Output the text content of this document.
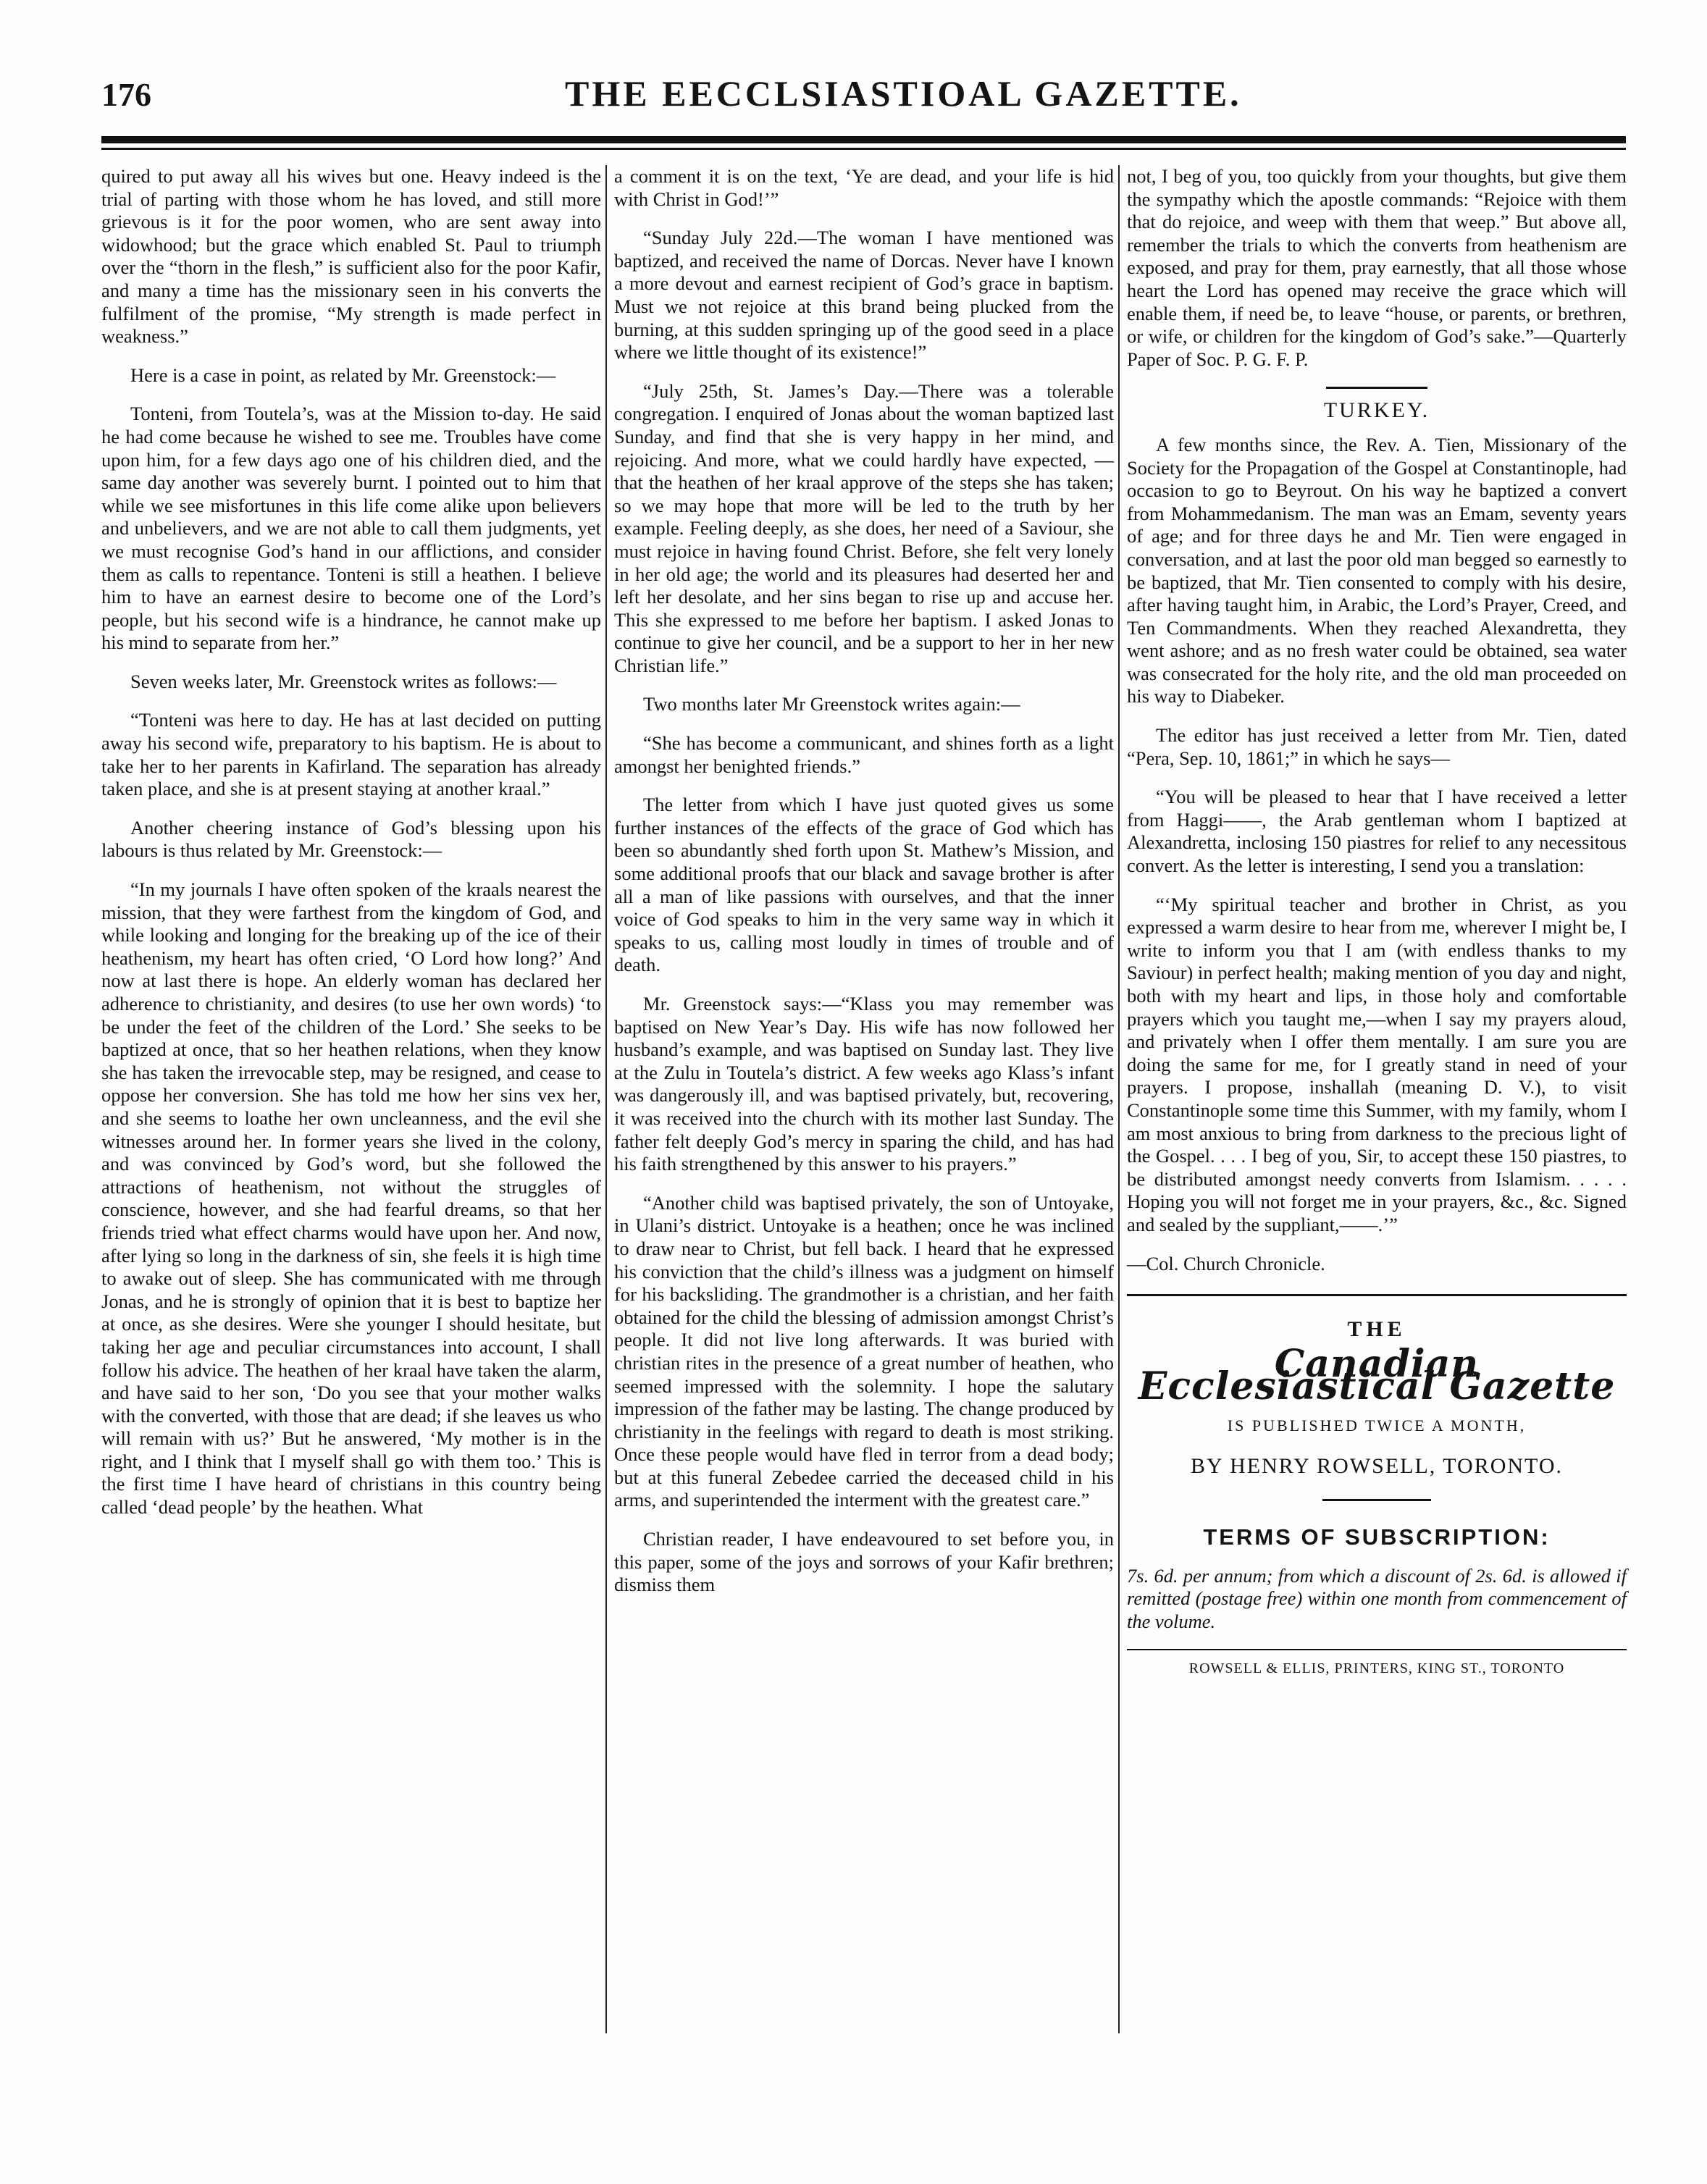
176	THE EECCLSIASTIOAL GAZETTE.

quired to put away all his wives but one. Heavy indeed is the trial of parting with those whom he has loved, and still more grievous is it for the poor women, who are sent away into widowhood; but the grace which enabled St. Paul to triumph over the “thorn in the flesh,” is sufficient also for the poor Kafir, and many a time has the missionary seen in his converts the fulfilment of the promise, “My strength is made perfect in weakness.”

Here is a case in point, as related by Mr. Greenstock:—

Tonteni, from Toutela’s, was at the Mission to-day. He said he had come because he wished to see me. Troubles have come upon him, for a few days ago one of his children died, and the same day another was severely burnt. I pointed out to him that while we see misfortunes in this life come alike upon believers and unbelievers, and we are not able to call them judgments, yet we must recognise God’s hand in our afflictions, and consider them as calls to repentance. Tonteni is still a heathen. I believe him to have an earnest desire to become one of the Lord’s people, but his second wife is a hindrance, he cannot make up his mind to separate from her.”

Seven weeks later, Mr. Greenstock writes as follows:—

“Tonteni was here to day. He has at last decided on putting away his second wife, preparatory to his baptism. He is about to take her to her parents in Kafirland. The separation has already taken place, and she is at present staying at another kraal.”

Another cheering instance of God’s blessing upon his labours is thus related by Mr. Greenstock:—

“In my journals I have often spoken of the kraals nearest the mission, that they were farthest from the kingdom of God, and while looking and longing for the breaking up of the ice of their heathenism, my heart has often cried, ‘O Lord how long?’ And now at last there is hope. An elderly woman has declared her adherence to christianity, and desires (to use her own words) ‘to be under the feet of the children of the Lord.’ She seeks to be baptized at once, that so her heathen relations, when they know she has taken the irrevocable step, may be resigned, and cease to oppose her conversion. She has told me how her sins vex her, and she seems to loathe her own uncleanness, and the evil she witnesses around her. In former years she lived in the colony, and was convinced by God’s word, but she followed the attractions of heathenism, not without the struggles of conscience, however, and she had fearful dreams, so that her friends tried what effect charms would have upon her. And now, after lying so long in the darkness of sin, she feels it is high time to awake out of sleep. She has communicated with me through Jonas, and he is strongly of opinion that it is best to baptize her at once, as she desires. Were she younger I should hesitate, but taking her age and peculiar circumstances into account, I shall follow his advice. The heathen of her kraal have taken the alarm, and have said to her son, ‘Do you see that your mother walks with the converted, with those that are dead; if she leaves us who will remain with us?’ But he answered, ‘My mother is in the right, and I think that I myself shall go with them too.’ This is the first time I have heard of christians in this country being called ‘dead people’ by the heathen. What

a comment it is on the text, ‘Ye are dead, and your life is hid with Christ in God!’”

“Sunday July 22d.—The woman I have mentioned was baptized, and received the name of Dorcas. Never have I known a more devout and earnest recipient of God’s grace in baptism. Must we not rejoice at this brand being plucked from the burning, at this sudden springing up of the good seed in a place where we little thought of its existence!”

“July 25th, St. James’s Day.—There was a tolerable congregation. I enquired of Jonas about the woman baptized last Sunday, and find that she is very happy in her mind, and rejoicing. And more, what we could hardly have expected, —that the heathen of her kraal approve of the steps she has taken; so we may hope that more will be led to the truth by her example. Feeling deeply, as she does, her need of a Saviour, she must rejoice in having found Christ. Before, she felt very lonely in her old age; the world and its pleasures had deserted her and left her desolate, and her sins began to rise up and accuse her. This she expressed to me before her baptism. I asked Jonas to continue to give her council, and be a support to her in her new Christian life.”

Two months later Mr Greenstock writes again:—

“She has become a communicant, and shines forth as a light amongst her benighted friends.”

The letter from which I have just quoted gives us some further instances of the effects of the grace of God which has been so abundantly shed forth upon St. Mathew’s Mission, and some additional proofs that our black and savage brother is after all a man of like passions with ourselves, and that the inner voice of God speaks to him in the very same way in which it speaks to us, calling most loudly in times of trouble and of death.

Mr. Greenstock says:—“Klass you may remember was baptised on New Year’s Day. His wife has now followed her husband’s example, and was baptised on Sunday last. They live at the Zulu in Toutela’s district. A few weeks ago Klass’s infant was dangerously ill, and was baptised privately, but, recovering, it was received into the church with its mother last Sunday. The father felt deeply God’s mercy in sparing the child, and has had his faith strengthened by this answer to his prayers.”

“Another child was baptised privately, the son of Untoyake, in Ulani’s district. Untoyake is a heathen; once he was inclined to draw near to Christ, but fell back. I heard that he expressed his conviction that the child’s illness was a judgment on himself for his backsliding. The grandmother is a christian, and her faith obtained for the child the blessing of admission amongst Christ’s people. It did not live long afterwards. It was buried with christian rites in the presence of a great number of heathen, who seemed impressed with the solemnity. I hope the salutary impression of the father may be lasting. The change produced by christianity in the feelings with regard to death is most striking. Once these people would have fled in terror from a dead body; but at this funeral Zebedee carried the deceased child in his arms, and superintended the interment with the greatest care.”

Christian reader, I have endeavoured to set before you, in this paper, some of the joys and sorrows of your Kafir brethren; dismiss them

not, I beg of you, too quickly from your thoughts, but give them the sympathy which the apostle commands: “Rejoice with them that do rejoice, and weep with them that weep.” But above all, remember the trials to which the converts from heathenism are exposed, and pray for them, pray earnestly, that all those whose heart the Lord has opened may receive the grace which will enable them, if need be, to leave “house, or parents, or brethren, or wife, or children for the kingdom of God’s sake.”—Quarterly Paper of Soc. P. G. F. P.

TURKEY.

A few months since, the Rev. A. Tien, Missionary of the Society for the Propagation of the Gospel at Constantinople, had occasion to go to Beyrout. On his way he baptized a convert from Mohammedanism. The man was an Emam, seventy years of age; and for three days he and Mr. Tien were engaged in conversation, and at last the poor old man begged so earnestly to be baptized, that Mr. Tien consented to comply with his desire, after having taught him, in Arabic, the Lord’s Prayer, Creed, and Ten Commandments. When they reached Alexandretta, they went ashore; and as no fresh water could be obtained, sea water was consecrated for the holy rite, and the old man proceeded on his way to Diabeker.

The editor has just received a letter from Mr. Tien, dated “Pera, Sep. 10, 1861;” in which he says—

“You will be pleased to hear that I have received a letter from Haggi——, the Arab gentleman whom I baptized at Alexandretta, inclosing 150 piastres for relief to any necessitous convert. As the letter is interesting, I send you a translation:

“‘My spiritual teacher and brother in Christ, as you expressed a warm desire to hear from me, wherever I might be, I write to inform you that I am (with endless thanks to my Saviour) in perfect health; making mention of you day and night, both with my heart and lips, in those holy and comfortable prayers which you taught me,—when I say my prayers aloud, and privately when I offer them mentally. I am sure you are doing the same for me, for I greatly stand in need of your prayers. I propose, inshallah (meaning D. V.), to visit Constantinople some time this Summer, with my family, whom I am most anxious to bring from darkness to the precious light of the Gospel. . . . I beg of you, Sir, to accept these 150 piastres, to be distributed amongst needy converts from Islamism. . . . . Hoping you will not forget me in your prayers, &c., &c. Signed and sealed by the suppliant,——.’”

—Col. Church Chronicle.

THE
Canadian Ecclesiastical Gazette
IS PUBLISHED TWICE A MONTH,
BY HENRY ROWSELL, TORONTO.
TERMS OF SUBSCRIPTION:

7s. 6d. per annum; from which a discount of 2s. 6d. is allowed if remitted (postage free) within one month from commencement of the volume.

ROWSELL & ELLIS, PRINTERS, KING ST., TORONTO
